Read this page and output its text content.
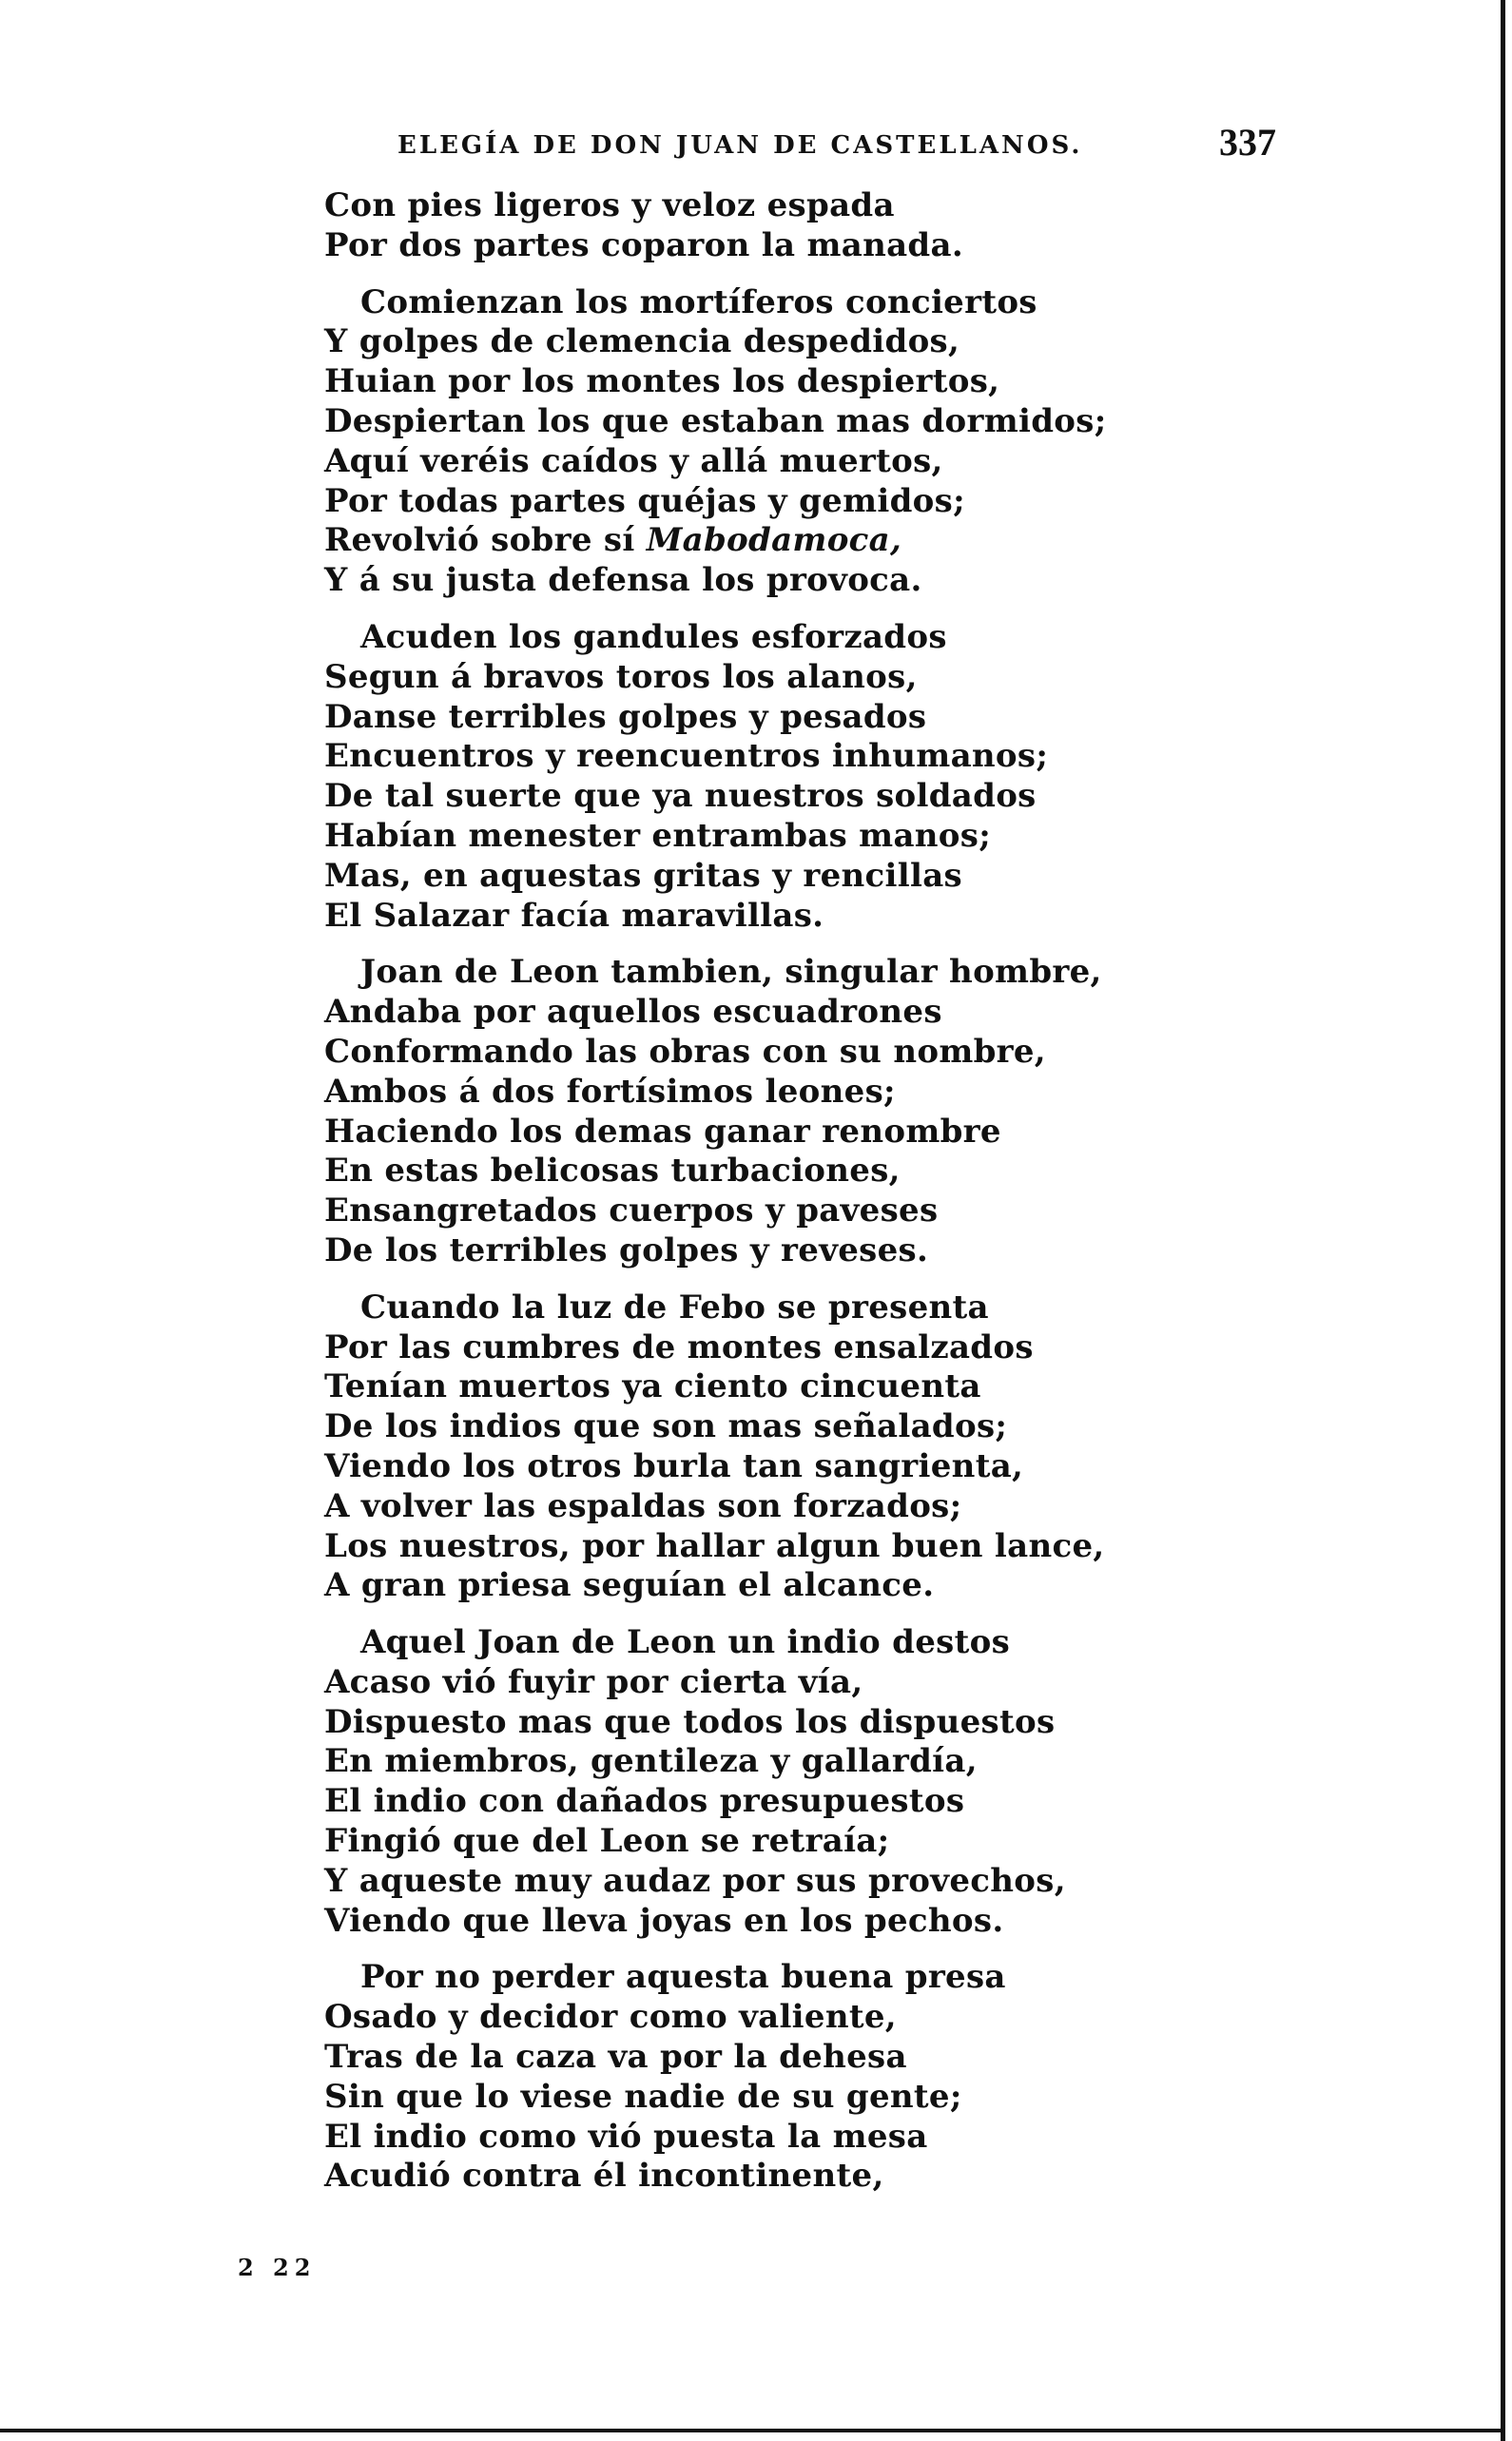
ELEGÍA DE DON JUAN DE CASTELLANOS.	337
Con pies ligeros y veloz espada
Por dos partes coparon la manada.
Comienzan los mortíferos conciertos
Y golpes de clemencia despedidos,
Huian por los montes los despiertos,
Despiertan los que estaban mas dormidos;
Aquí veréis caídos y allá muertos,
Por todas partes quéjas y gemidos;
Revolvió sobre sí Mabodamoca,
Y á su justa defensa los provoca.
Acuden los gandules esforzados
Segun á bravos toros los alanos,
Danse terribles golpes y pesados
Encuentros y reencuentros inhumanos;
De tal suerte que ya nuestros soldados
Habían menester entrambas manos;
Mas, en aquestas gritas y rencillas
El Salazar facía maravillas.
Joan de Leon tambien, singular hombre,
Andaba por aquellos escuadrones
Conformando las obras con su nombre,
Ambos á dos fortísimos leones;
Haciendo los demas ganar renombre
En estas belicosas turbaciones,
Ensangretados cuerpos y paveses
De los terribles golpes y reveses.
Cuando la luz de Febo se presenta
Por las cumbres de montes ensalzados
Tenían muertos ya ciento cincuenta
De los indios que son mas señalados;
Viendo los otros burla tan sangrienta,
A volver las espaldas son forzados;
Los nuestros, por hallar algun buen lance,
A gran priesa seguían el alcance.
Aquel Joan de Leon un indio destos
Acaso vió fuyir por cierta vía,
Dispuesto mas que todos los dispuestos
En miembros, gentileza y gallardía,
El indio con dañados presupuestos
Fingió que del Leon se retraía;
Y aqueste muy audaz por sus provechos,
Viendo que lleva joyas en los pechos.
Por no perder aquesta buena presa
Osado y decidor como valiente,
Tras de la caza va por la dehesa
Sin que lo viese nadie de su gente;
El indio como vió puesta la mesa
Acudió contra él incontinente,
2 22
